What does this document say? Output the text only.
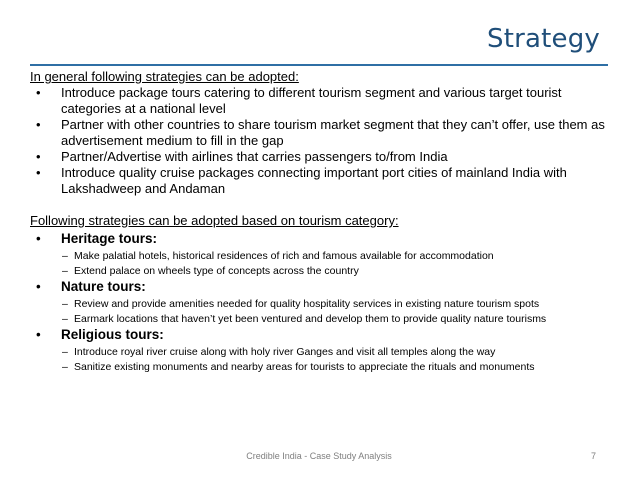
Strategy
In general following strategies can be adopted:
• Introduce package tours catering to different tourism segment and various target tourist categories at a national level
• Partner with other countries to share tourism market segment that they can’t offer, use them as advertisement medium to fill in the gap
• Partner/Advertise with airlines that carries passengers to/from India
• Introduce quality cruise packages connecting important port cities of mainland India with Lakshadweep and Andaman
Following strategies can be adopted based on tourism category:
• Heritage tours:
– Make palatial hotels, historical residences of rich and famous available for accommodation
– Extend palace on wheels type of concepts across the country
• Nature tours:
– Review and provide amenities needed for quality hospitality services in existing nature tourism spots
– Earmark locations that haven’t yet been ventured and develop them to provide quality nature tourisms
• Religious tours:
– Introduce royal river cruise along with holy river Ganges and visit all temples along the way
– Sanitize existing monuments and nearby areas for tourists to appreciate the rituals and monuments
Credible India - Case Study Analysis	7
